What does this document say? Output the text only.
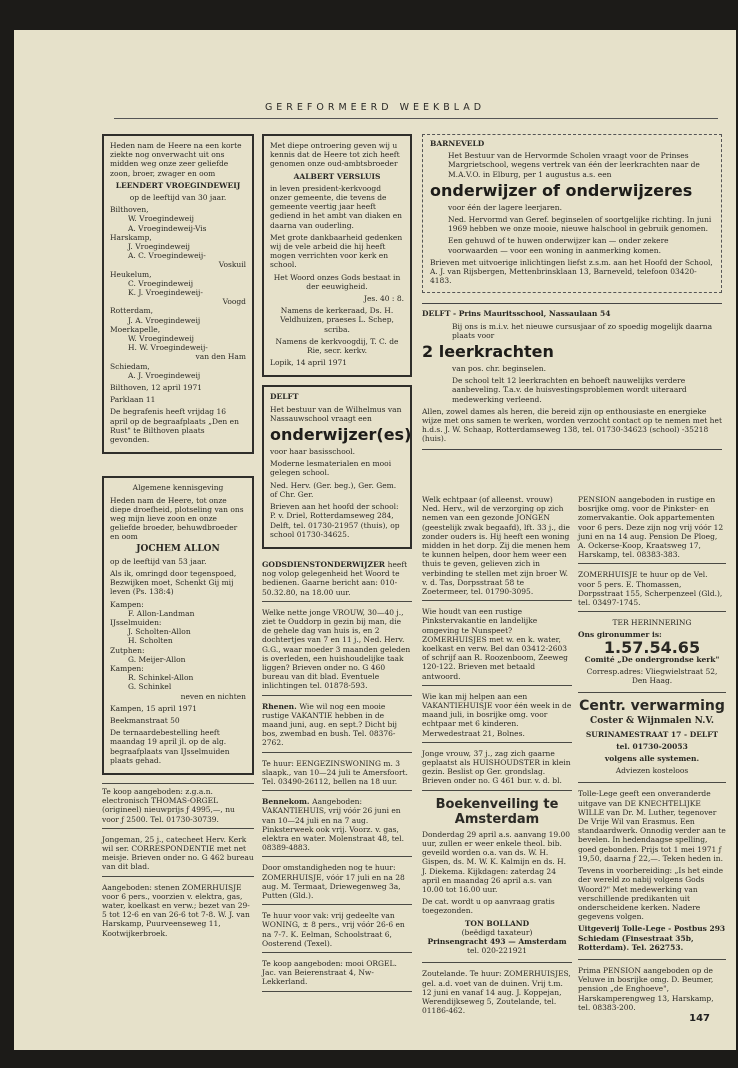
GEREFORMEERD WEEKBLAD

Heden nam de Heere na een korte ziekte nog onverwacht uit ons midden weg onze zeer geliefde zoon, broer, zwager en oom

LEENDERT VROEGINDEWEIJ

op de leeftijd van 30 jaar.

Bilthoven,

W. Vroegindeweij

A. Vroegindeweij-Vis

Harskamp,

J. Vroegindeweij

A. C. Vroegindeweij-

Voskuil

Heukelum,

C. Vroegindeweij

K. J. Vroegindeweij-

Voogd

Rotterdam,

J. A. Vroegindeweij

Moerkapelle,

W. Vroegindeweij

H. W. Vroegindeweij-

van den Ham

Schiedam,

A. J. Vroegindeweij

Bilthoven, 12 april 1971

Parklaan 11

De begrafenis heeft vrijdag 16 april op de begraafplaats „Den en Rust" te Bilthoven plaats gevonden.

Algemene kennisgeving

Heden nam de Heere, tot onze diepe droefheid, plotseling van ons weg mijn lieve zoon en onze geliefde broeder, behuwdbroeder en oom

JOCHEM ALLON

op de leeftijd van 53 jaar.

Als ik, omringd door tegenspoed, Bezwijken moet, Schenkt Gij mij leven (Ps. 138:4)

Kampen:

F. Allon-Landman

IJsselmuiden:

J. Scholten-Allon

H. Scholten

Zutphen:

G. Meijer-Allon

Kampen:

R. Schinkel-Allon

G. Schinkel

neven en nichten

Kampen, 15 april 1971

Beekmanstraat 50

De ternaardebestelling heeft maandag 19 april jl. op de alg. begraafplaats van IJsselmuiden plaats gehad.

Te koop aangeboden: z.g.a.n. electronisch THOMAS-ORGEL (origineel) nieuwprijs ƒ 4995,—, nu voor ƒ 2500. Tel. 01730-30739.
Jongeman, 25 j., catecheet Herv. Kerk wil ser. CORRESPONDENTIE met net meisje. Brieven onder no. G 462 bureau van dit blad.
Aangeboden: stenen ZOMERHUISJE voor 6 pers., voorzien v. elektra, gas, water, koelkast en verw.; bezet van 29-5 tot 12-6 en van 26-6 tot 7-8. W. J. van Harskamp, Puurveenseweg 11, Kootwijkerbroek.

Met diepe ontroering geven wij u kennis dat de Heere tot zich heeft genomen onze oud-ambtsbroeder

AALBERT VERSLUIS

in leven president-kerkvoogd onzer gemeente, die tevens de gemeente veertig jaar heeft gediend in het ambt van diaken en daarna van ouderling.

Met grote dankbaarheid gedenken wij de vele arbeid die hij heeft mogen verrichten voor kerk en school.

Het Woord onzes Gods bestaat in der eeuwigheid.

Jes. 40 : 8.

Namens de kerkeraad, Ds. H. Veldhuizen, praeses L. Schep, scriba.

Namens de kerkvoogdij, T. C. de Rie, secr. kerkv.

Lopik, 14 april 1971

DELFT

Het bestuur van de Wilhelmus van Nassauwschool vraagt een

onderwijzer(es)

voor haar basisschool.

Moderne lesmaterialen en mooi gelegen school.

Ned. Herv. (Ger. beg.), Ger. Gem. of Chr. Ger.

Brieven aan het hoofd der school: P. v. Driel, Rotterdamseweg 284, Delft, tel. 01730-21957 (thuis), op school 01730-34625.

GODSDIENSTONDERWIJZER heeft nog volop gelegenheid het Woord te bedienen. Gaarne bericht aan: 010-50.32.80, na 18.00 uur.
Welke nette jonge VROUW, 30—40 j., ziet te Ouddorp in gezin bij man, die de gehele dag van huis is, en 2 dochtertjes van 7 en 11 j., Ned. Herv. G.G., waar moeder 3 maanden geleden is overleden, een huishoudelijke taak liggen? Brieven onder no. G 460 bureau van dit blad. Eventuele inlichtingen tel. 01878-593.
Rhenen. Wie wil nog een mooie rustige VAKANTIE hebben in de maand juni, aug. en sept.? Dicht bij bos, zwembad en bush. Tel. 08376-2762.
Te huur: EENGEZINSWONING m. 3 slaapk., van 10—24 juli te Amersfoort. Tel. 03490-26112, bellen na 18 uur.
Bennekom. Aangeboden: VAKANTIEHUIS, vrij vóór 26 juni en van 10—24 juli en na 7 aug. Pinksterweek ook vrij. Voorz. v. gas, elektra en water. Molenstraat 48, tel. 08389-4883.
Door omstandigheden nog te huur: ZOMERHUISJE, vóór 17 juli en na 28 aug. M. Termaat, Driewegenweg 3a, Putten (Gld.).
Te huur voor vak: vrij gedeelte van WONING, ± 8 pers., vrij vóór 26-6 en na 7-7. K. Eelman, Schoolstraat 6, Oosterend (Texel).
Te koop aangeboden: mooi ORGEL. Jac. van Beierenstraat 4, Nw-Lekkerland.

BARNEVELD

Het Bestuur van de Hervormde Scholen vraagt voor de Prinses Margrietschool, wegens vertrek van één der leerkrachten naar de M.A.V.O. in Elburg, per 1 augustus a.s. een

onderwijzer of onderwijzeres

voor één der lagere leerjaren.

Ned. Hervormd van Geref. beginselen of soortgelijke richting. In juni 1969 hebben we onze mooie, nieuwe halschool in gebruik genomen.

Een gehuwd of te huwen onderwijzer kan — onder zekere voorwaarden — voor een woning in aanmerking komen.

Brieven met uitvoerige inlichtingen liefst z.s.m. aan het Hoofd der School, A. J. van Rijsbergen, Mettenbrinsklaan 13, Barneveld, telefoon 03420-4183.

DELFT - Prins Mauritsschool, Nassaulaan 54

Bij ons is m.i.v. het nieuwe cursusjaar of zo spoedig mogelijk daarna plaats voor

2 leerkrachten

van pos. chr. beginselen.

De school telt 12 leerkrachten en behoeft nauwelijks verdere aanbeveling. T.a.v. de huisvestingsproblemen wordt uiteraard medewerking verleend.

Allen, zowel dames als heren, die bereid zijn op enthousiaste en energieke wijze met ons samen te werken, worden verzocht contact op te nemen met het h.d.s. J. W. Schaap, Rotterdamseweg 138, tel. 01730-34623 (school) -35218 (huis).

Welk echtpaar (of alleenst. vrouw) Ned. Herv., wil de verzorging op zich nemen van een gezonde JONGEN (geestelijk zwak begaafd), lft. 33 j., die zonder ouders is. Hij heeft een woning midden in het dorp. Zij die menen hem te kunnen helpen, door hem weer een thuis te geven, gelieven zich in verbinding te stellen met zijn broer W. v. d. Tas, Dorpsstraat 58 te Zoetermeer, tel. 01790-3095.
Wie houdt van een rustige Pinkstervakantie en landelijke omgeving te Nunspeet? ZOMERHUISJES met w. en k. water, koelkast en verw. Bel dan 03412-2603 of schrijf aan R. Roozenboom, Zeeweg 120-122. Brieven met betaald antwoord.
Wie kan mij helpen aan een VAKANTIEHUISJE voor één week in de maand juli, in bosrijke omg. voor echtpaar met 6 kinderen. Merwedestraat 21, Bolnes.
Jonge vrouw, 37 j., zag zich gaarne geplaatst als HUISHOUDSTER in klein gezin. Beslist op Ger. grondslag. Brieven onder no. G 461 bur. v. d. bl.

Boekenveiling te Amsterdam

Donderdag 29 april a.s. aanvang 19.00 uur, zullen er weer enkele theol. bib. geveild worden o.a. van ds. W. H. Gispen, ds. M. W. K. Kalmijn en ds. H. J. Diekema. Kijkdagen: zaterdag 24 april en maandag 26 april a.s. van 10.00 tot 16.00 uur.

De cat. wordt u op aanvraag gratis toegezonden.

TON BOLLAND

(beëdigd taxateur)

Prinsengracht 493 — Amsterdam

tel. 020-221921

Zoutelande. Te huur: ZOMERHUISJES, gel. a.d. voet van de duinen. Vrij t.m. 12 juni en vanaf 14 aug. J. Koppejan, Werendijkseweg 5, Zoutelande, tel. 01186-462.
PENSION aangeboden in rustige en bosrijke omg. voor de Pinkster- en zomervakantie. Ook appartementen voor 6 pers. Deze zijn nog vrij vóór 12 juni en na 14 aug. Pension De Ploeg, A. Ockerse-Koop, Kraatsweg 17, Harskamp, tel. 08383-383.
ZOMERHUISJE te huur op de Vel. voor 5 pers. E. Thomassen, Dorpsstraat 155, Scherpenzeel (Gld.), tel. 03497-1745.

TER HERINNERING

Ons gironummer is:

1.57.54.65

Comité „De ondergrondse kerk"

Corresp.adres: Vliegwielstraat 52, Den Haag.

Centr. verwarming

Coster & Wijnmalen N.V.

SURINAMESTRAAT 17 - DELFT

tel. 01730-20053

volgens alle systemen.

Adviezen kosteloos

Tolle-Lege geeft een onveranderde uitgave van DE KNECHTELIJKE WILLE van Dr. M. Luther, tegenover De Vrije Wil van Erasmus. Een standaardwerk. Onnodig verder aan te bevelen. In hedendaagse spelling, goed gebonden. Prijs tot 1 mei 1971 ƒ 19,50, daarna ƒ 22,—. Teken heden in.

Tevens in voorbereiding: „Is het einde der wereld zo nabij volgens Gods Woord?" Met medewerking van verschillende predikanten uit onderscheidene kerken. Nadere gegevens volgen.

Uitgeverij Tolle-Lege - Postbus 293 Schiedam (Finsestraat 35b, Rotterdam). Tel. 262753.

Prima PENSION aangeboden op de Veluwe in bosrijke omg. D. Beumer, pension „de Enghoeve", Harskamperengweg 13, Harskamp, tel. 08383-200.
147
